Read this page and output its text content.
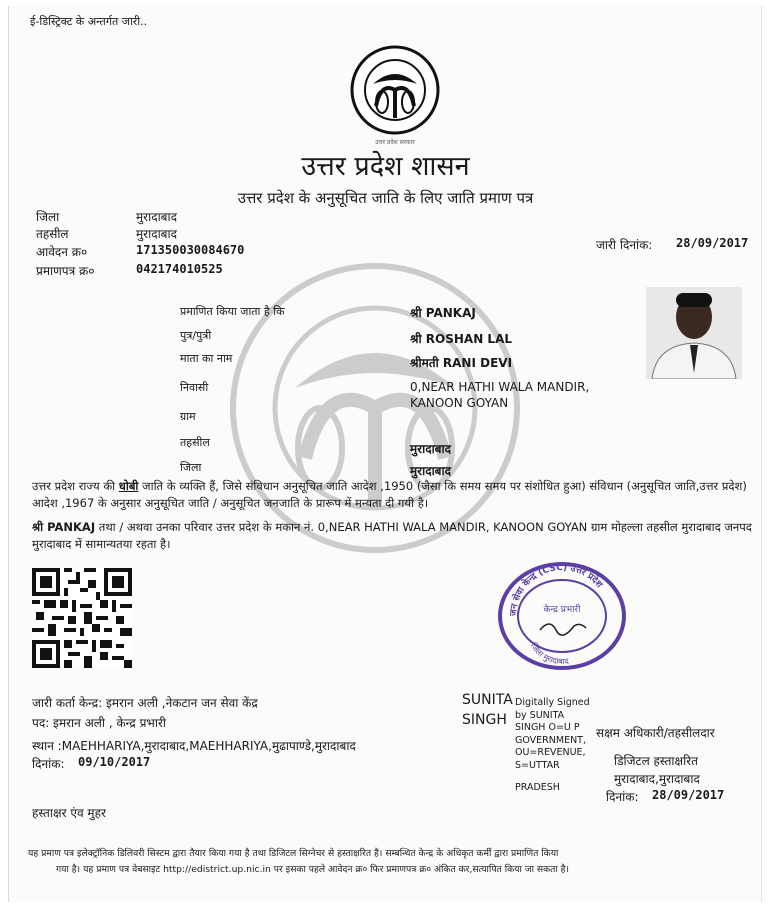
ई-डिस्ट्रिक्ट के अन्तर्गत जारी..
उत्तर प्रदेश सरकार
उत्तर प्रदेश शासन
उत्तर प्रदेश के अनुसूचित जाति के लिए जाति प्रमाण पत्र
जिला	मुरादाबाद
तहसील	मुरादाबाद
आवेदन क्र०	171350030084670
प्रमाणपत्र क्र०	042174010525
जारी दिनांक: 28/09/2017
प्रमाणित किया जाता है कि	श्री PANKAJ
पुत्र/पुत्री	श्री ROSHAN LAL
माता का नाम	श्रीमती RANI DEVI
निवासी	0,NEAR HATHI WALA MANDIR,
KANOON GOYAN
ग्राम
तहसील	मुरादाबाद
जिला	मुरादाबाद
उत्तर प्रदेश राज्य की धोबी जाति के व्यक्ति हैं, जिसे संविधान अनुसूचित जाति आदेश ,1950 (जैसा कि समय समय पर संशोधित हुआ) संविधान (अनुसूचित जाति,उत्तर प्रदेश) आदेश ,1967 के अनुसार अनुसूचित जाति / अनुसूचित जनजाति के प्रारूप में मन्यता दी गयी है।
श्री PANKAJ तथा / अथवा उनका परिवार उत्तर प्रदेश के मकान नं. 0,NEAR HATHI WALA MANDIR, KANOON GOYAN ग्राम मोहल्ला तहसील मुरादाबाद जनपद मुरादाबाद में सामान्यतया रहता है।
जन सेवा केन्द्र (CSC) उत्तर प्रदेश
केन्द्र प्रभारी
जिला मुरादाबाद
जारी कर्ता केन्द्र: इमरान अली ,नेकटान जन सेवा केंद्र
पद: इमरान अली , केन्द्र प्रभारी
स्थान :MAEHHARIYA,मुरादाबाद,MAEHHARIYA,मुढापाण्डे,मुरादाबाद
दिनांक: 09/10/2017
हस्ताक्षर एंव मुहर
SUNITA
SINGH
Digitally Signed
by SUNITA
SINGH O=U P
GOVERNMENT,
OU=REVENUE,
S=UTTAR
PRADESH
सक्षम अधिकारी/तहसीलदार
डिजिटल हस्ताक्षरित
मुरादाबाद,मुरादाबाद
दिनांक: 28/09/2017
यह प्रमाण पत्र इलेक्ट्रॉनिक डिलिवरी सिस्टम द्वारा तैयार किया गया है तथा डिजिटल सिग्नेचर से हस्ताक्षरित है। सम्बन्धित केन्द्र के अधिकृत कर्मी द्वारा प्रमाणित किया
गया है। यह प्रमाण पत्र वेबसाइट http://edistrict.up.nic.in पर इसका पहले आवेदन क्र० फिर प्रमाणपत्र क्र० अंकित कर,सत्यापित किया जा सकता है।
